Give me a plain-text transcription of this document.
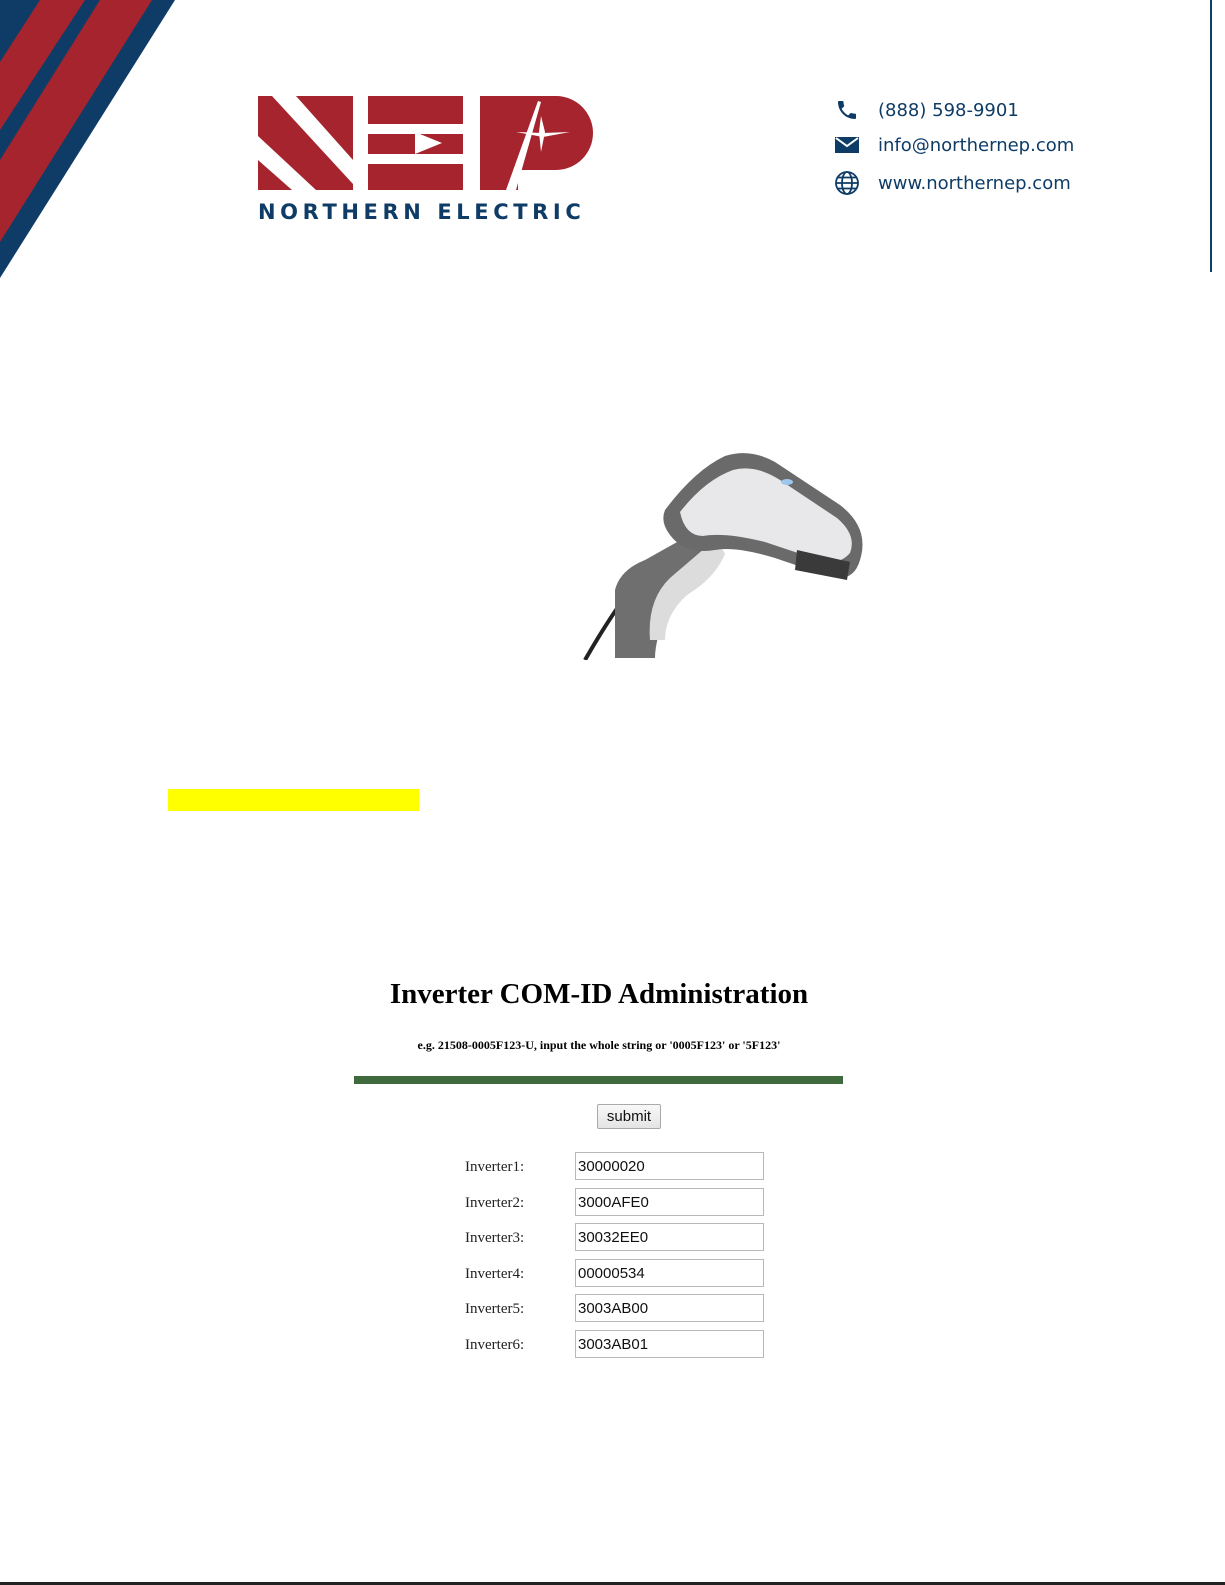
NORTHERN ELECTRIC
(888) 598-9901
info@northernep.com
www.northernep.com
Inverter COM-ID Administration
e.g. 21508-0005F123-U, input the whole string or '0005F123' or '5F123'
submit
Inverter1:
30000020
Inverter2:
3000AFE0
Inverter3:
30032EE0
Inverter4:
00000534
Inverter5:
3003AB00
Inverter6:
3003AB01
